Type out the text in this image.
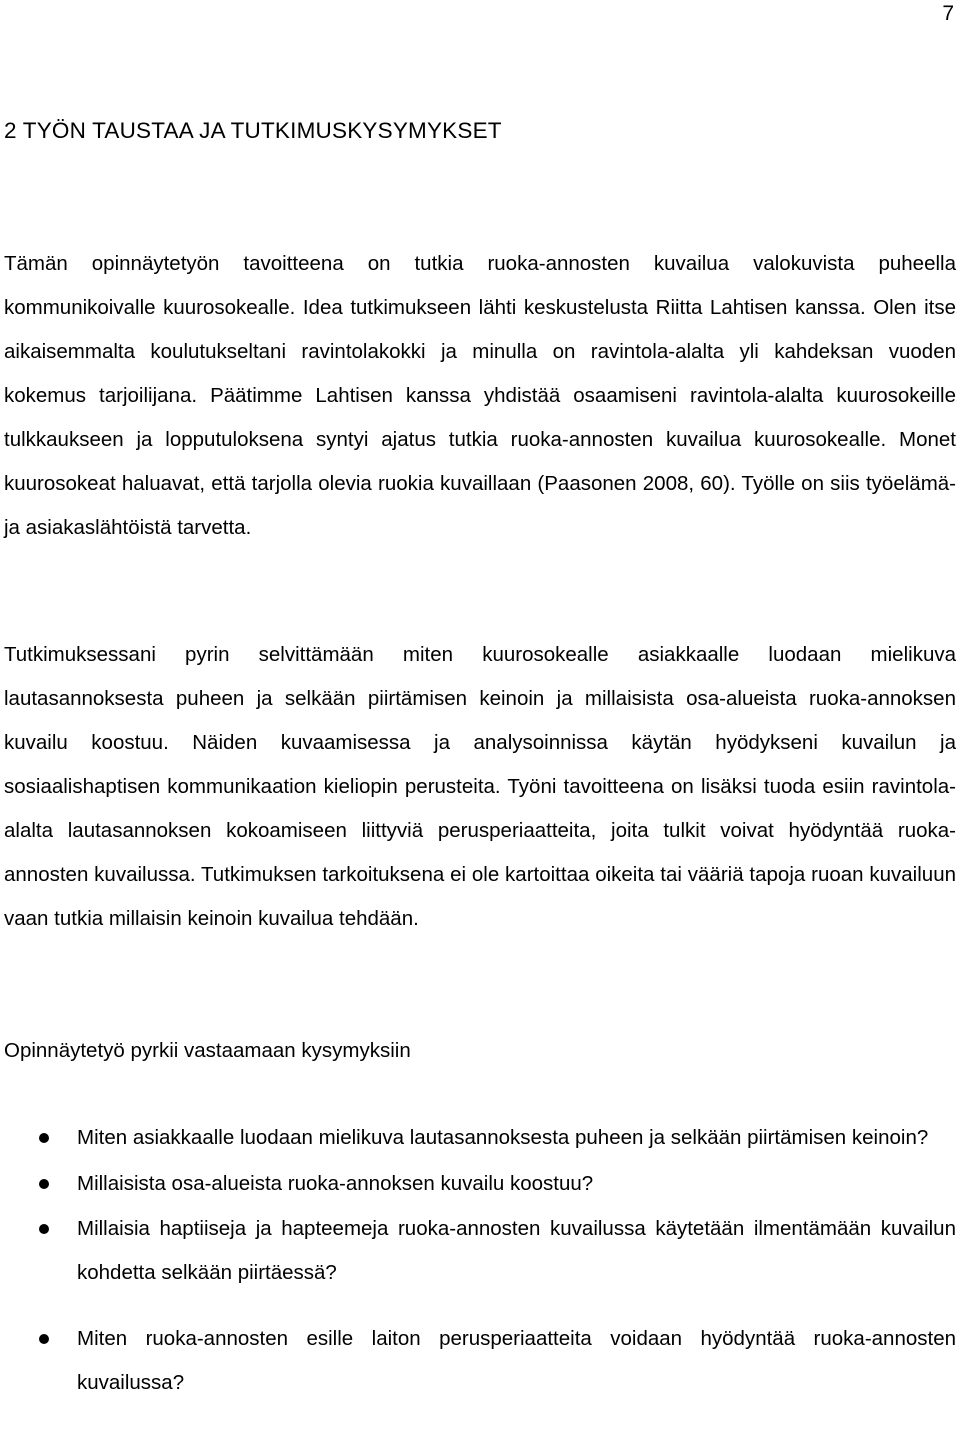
7
2 TYÖN TAUSTAA JA TUTKIMUSKYSYMYKSET

Tämän opinnäytetyön tavoitteena on tutkia ruoka-annosten kuvailua valokuvista puheella kommunikoivalle kuurosokealle. Idea tutkimukseen lähti keskustelusta Riitta Lahtisen kanssa. Olen itse aikaisemmalta koulutukseltani ravintolakokki ja minulla on ravintola-alalta yli kahdeksan vuoden kokemus tarjoilijana. Päätimme Lahtisen kanssa yhdistää osaamiseni ravintola-alalta kuurosokeille tulkkaukseen ja lopputuloksena syntyi ajatus tutkia ruoka-annosten kuvailua kuurosokealle. Monet kuurosokeat haluavat, että tarjolla olevia ruokia kuvaillaan (Paasonen 2008, 60). Työlle on siis työelämä- ja asiakaslähtöistä tarvetta.

Tutkimuksessani pyrin selvittämään miten kuurosokealle asiakkaalle luodaan mielikuva lautasannoksesta puheen ja selkään piirtämisen keinoin ja millaisista osa-alueista ruoka-annoksen kuvailu koostuu. Näiden kuvaamisessa ja analysoinnissa käytän hyödykseni kuvailun ja sosiaalishaptisen kommunikaation kieliopin perusteita. Työni tavoitteena on lisäksi tuoda esiin ravintola-alalta lautasannoksen kokoamiseen liittyviä perusperiaatteita, joita tulkit voivat hyödyntää ruoka-annosten kuvailussa. Tutkimuksen tarkoituksena ei ole kartoittaa oikeita tai vääriä tapoja ruoan kuvailuun vaan tutkia millaisin keinoin kuvailua tehdään.

Opinnäytetyö pyrkii vastaamaan kysymyksiin

Miten asiakkaalle luodaan mielikuva lautasannoksesta puheen ja selkään piirtämisen keinoin?
Millaisista osa-alueista ruoka-annoksen kuvailu koostuu?
Millaisia haptiiseja ja hapteemeja ruoka-annosten kuvailussa käytetään ilmentämään kuvailun kohdetta selkään piirtäessä?
Miten ruoka-annosten esille laiton perusperiaatteita voidaan hyödyntää ruoka-annosten kuvailussa?
